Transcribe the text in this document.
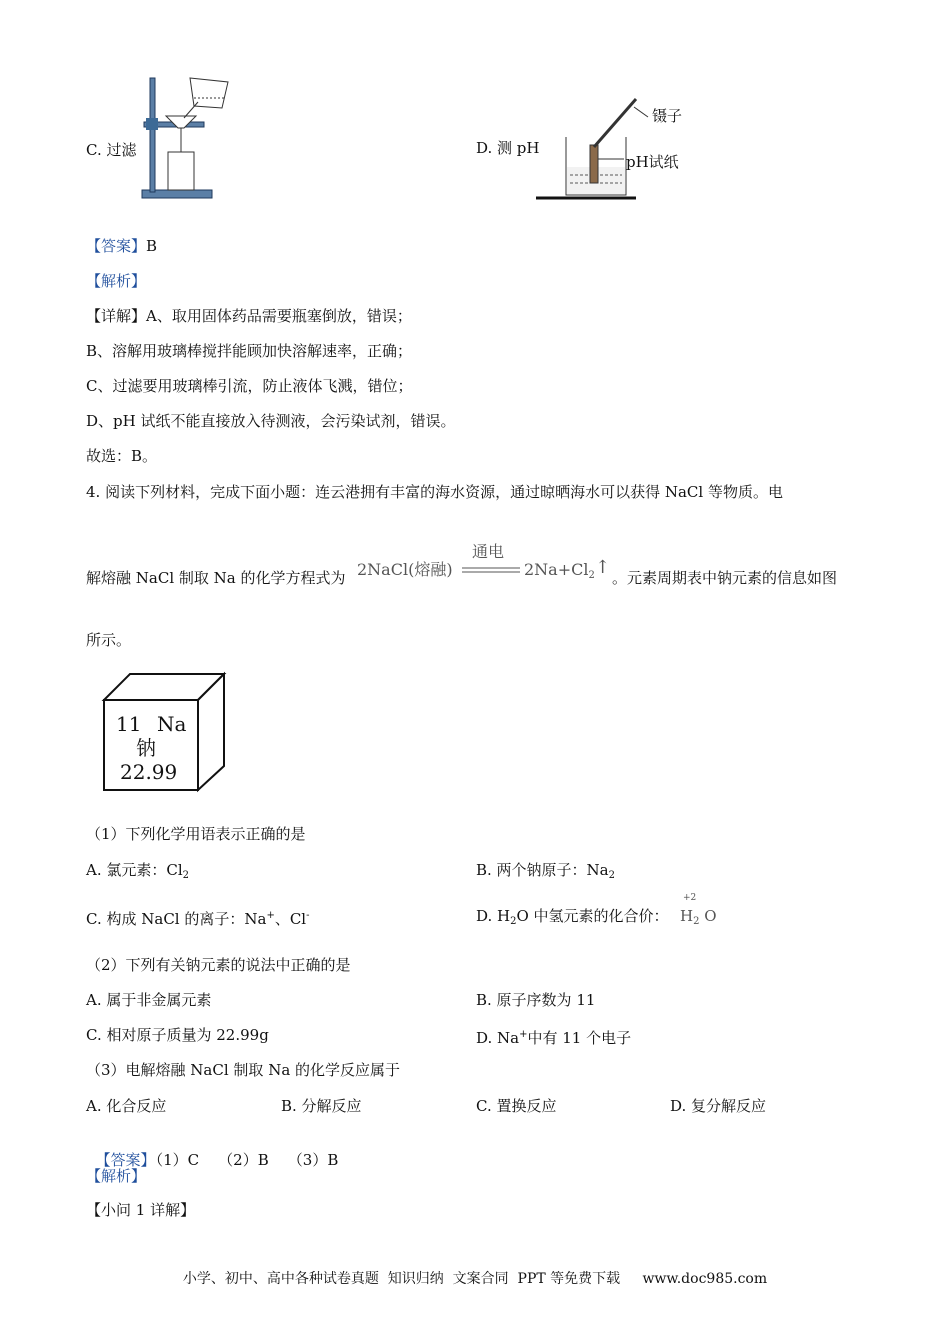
C. 过滤
镊子
pH试纸
D. 测 pH
【答案】B
【解析】
【详解】A、取用固体药品需要瓶塞倒放，错误；
B、溶解用玻璃棒搅拌能顾加快溶解速率，正确；
C、过滤要用玻璃棒引流，防止液体飞溅，错位；
D、pH 试纸不能直接放入待测液，会污染试剂，错误。
故选：B。
4. 阅读下列材料，完成下面小题：连云港拥有丰富的海水资源，通过晾晒海水可以获得 NaCl 等物质。电
解熔融 NaCl 制取 Na 的化学方程式为 2NaCl(熔融)
通电
$2Na+Cl_2$ ↑ 。元素周期表中钠元素的信息如图
所示。
11 Na
钠
22.99
（1）下列化学用语表示正确的是
A. 氯元素：$Cl_2$	B. 两个钠原子：$Na_2$
C. 构成 NaCl 的离子：Na+、Cl-	D. $H_2O$ 中氢元素的化合价：
+2
$H_2$ O
（2）下列有关钠元素的说法中正确的是
A. 属于非金属元素	B. 原子序数为 11
C. 相对原子质量为 22.99g	D. Na+中有 11 个电子
（3）电解熔融 NaCl 制取 Na 的化学反应属于
A. 化合反应	B. 分解反应	C. 置换反应	D. 复分解反应

【答案】（1）C    （2）B    （3）B

【解析】
【小问 1 详解】
小学、初中、高中各种试卷真题  知识归纳  文案合同  PPT 等免费下载     www.doc985.com
